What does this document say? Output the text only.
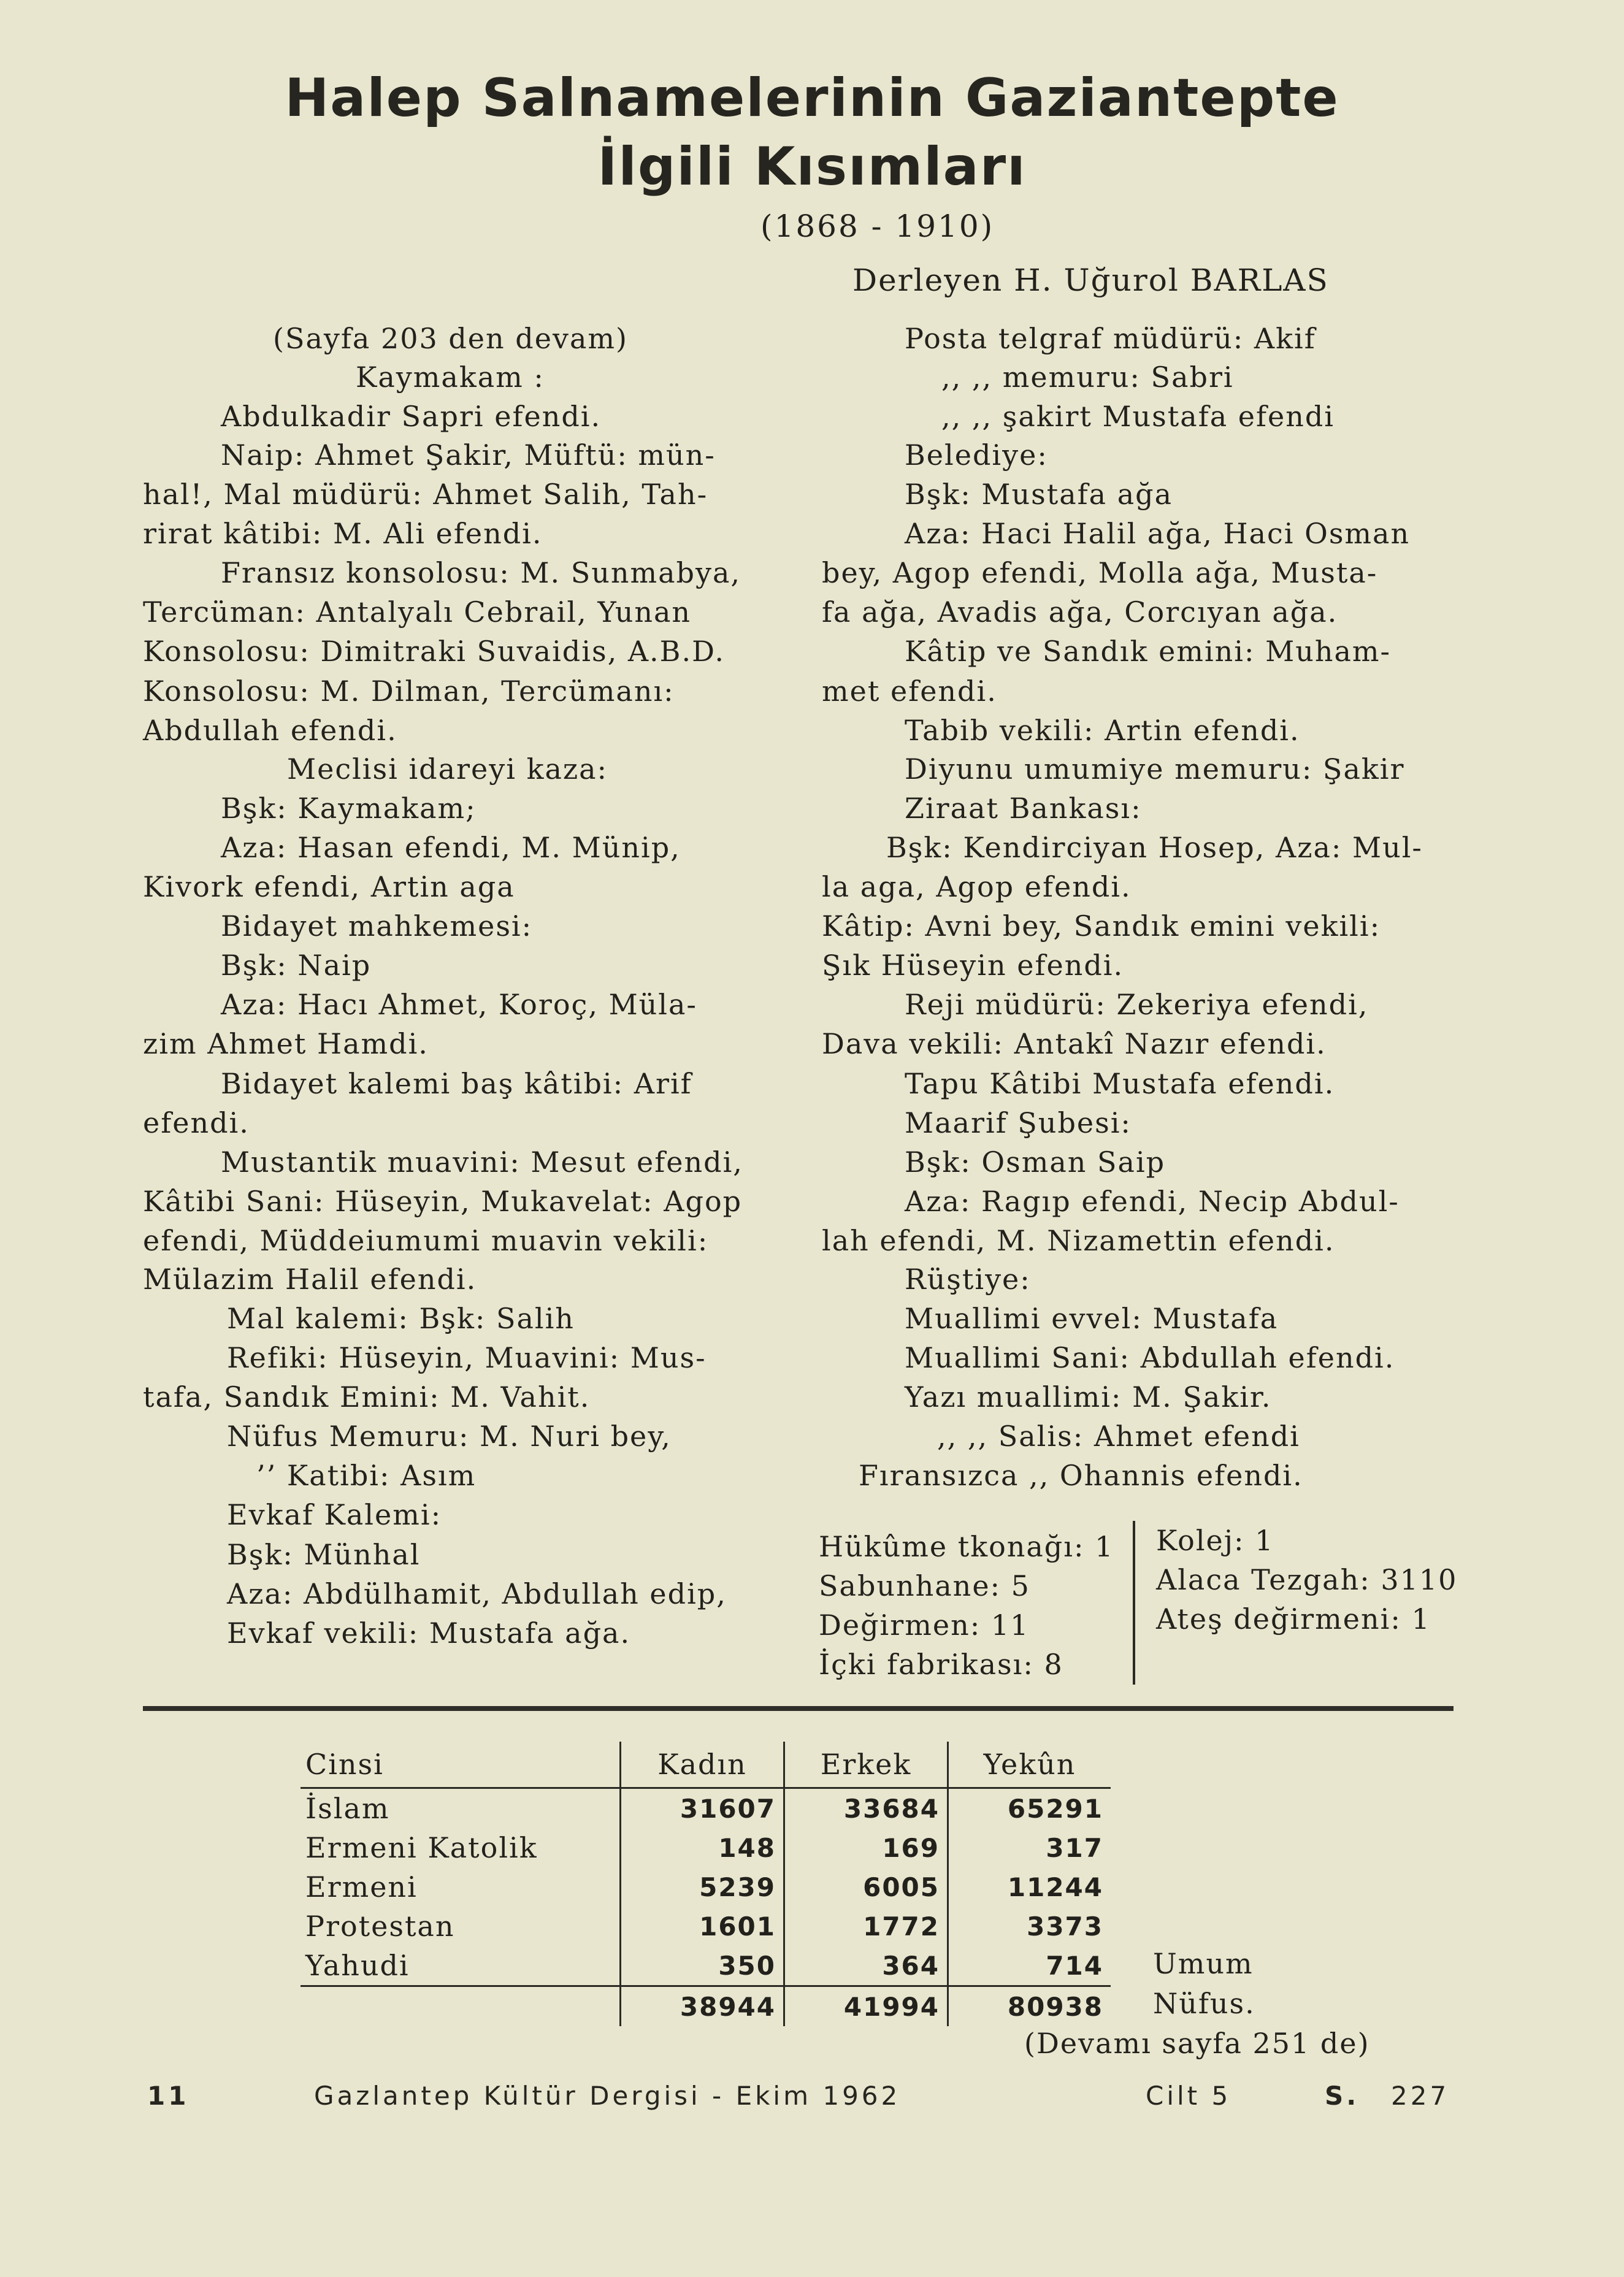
Halep Salnamelerinin Gaziantepte
İlgili Kısımları
(1868 - 1910)
Derleyen H. Uğurol BARLAS
(Sayfa 203 den devam)
Kaymakam :
Abdulkadir Sapri efendi.
Naip: Ahmet Şakir, Müftü: mün-
hal!, Mal müdürü: Ahmet Salih, Tah-
rirat kâtibi: M. Ali efendi.
Fransız konsolosu: M. Sunmabya,
Tercüman: Antalyalı Cebrail, Yunan
Konsolosu: Dimitraki Suvaidis, A.B.D.
Konsolosu: M. Dilman, Tercümanı:
Abdullah efendi.
Meclisi idareyi kaza:
Bşk: Kaymakam;
Aza: Hasan efendi, M. Münip,
Kivork efendi, Artin aga
Bidayet mahkemesi:
Bşk: Naip
Aza: Hacı Ahmet, Koroç, Müla-
zim Ahmet Hamdi.
Bidayet kalemi baş kâtibi: Arif
efendi.
Mustantik muavini: Mesut efendi,
Kâtibi Sani: Hüseyin, Mukavelat: Agop
efendi, Müddeiumumi muavin vekili:
Mülazim Halil efendi.
Mal kalemi: Bşk: Salih
Refiki: Hüseyin, Muavini: Mus-
tafa, Sandık Emini: M. Vahit.
Nüfus Memuru: M. Nuri bey,
’’ Katibi: Asım
Evkaf Kalemi:
Bşk: Münhal
Aza: Abdülhamit, Abdullah edip,
Evkaf vekili: Mustafa ağa.
Posta telgraf müdürü: Akif
,, ,, memuru: Sabri
,, ,, şakirt Mustafa efendi
Belediye:
Bşk: Mustafa ağa
Aza: Haci Halil ağa, Haci Osman
bey, Agop efendi, Molla ağa, Musta-
fa ağa, Avadis ağa, Corcıyan ağa.
Kâtip ve Sandık emini: Muham-
met efendi.
Tabib vekili: Artin efendi.
Diyunu umumiye memuru: Şakir
Ziraat Bankası:
Bşk: Kendirciyan Hosep, Aza: Mul-
la aga, Agop efendi.
Kâtip: Avni bey, Sandık emini vekili:
Şık Hüseyin efendi.
Reji müdürü: Zekeriya efendi,
Dava vekili: Antakî Nazır efendi.
Tapu Kâtibi Mustafa efendi.
Maarif Şubesi:
Bşk: Osman Saip
Aza: Ragıp efendi, Necip Abdul-
lah efendi, M. Nizamettin efendi.
Rüştiye:
Muallimi evvel: Mustafa
Muallimi Sani: Abdullah efendi.
Yazı muallimi: M. Şakir.
,, ,, Salis: Ahmet efendi
Fıransızca ,, Ohannis efendi.
Hükûme tkonağı: 1
Sabunhane: 5
Değirmen: 11
İçki fabrikası: 8
Kolej: 1
Alaca Tezgah: 3110
Ateş değirmeni: 1
Cinsi	Kadın	Erkek	Yekûn
İslam	31607	33684	65291
Ermeni Katolik	148	169	317
Ermeni	5239	6005	11244
Protestan	1601	1772	3373
Yahudi	350	364	714
	38944	41994	80938
Umum
Nüfus.
(Devamı sayfa 251 de)
11	Gazlantep Kültür Dergisi - Ekim 1962	Cilt 5	S. 227
